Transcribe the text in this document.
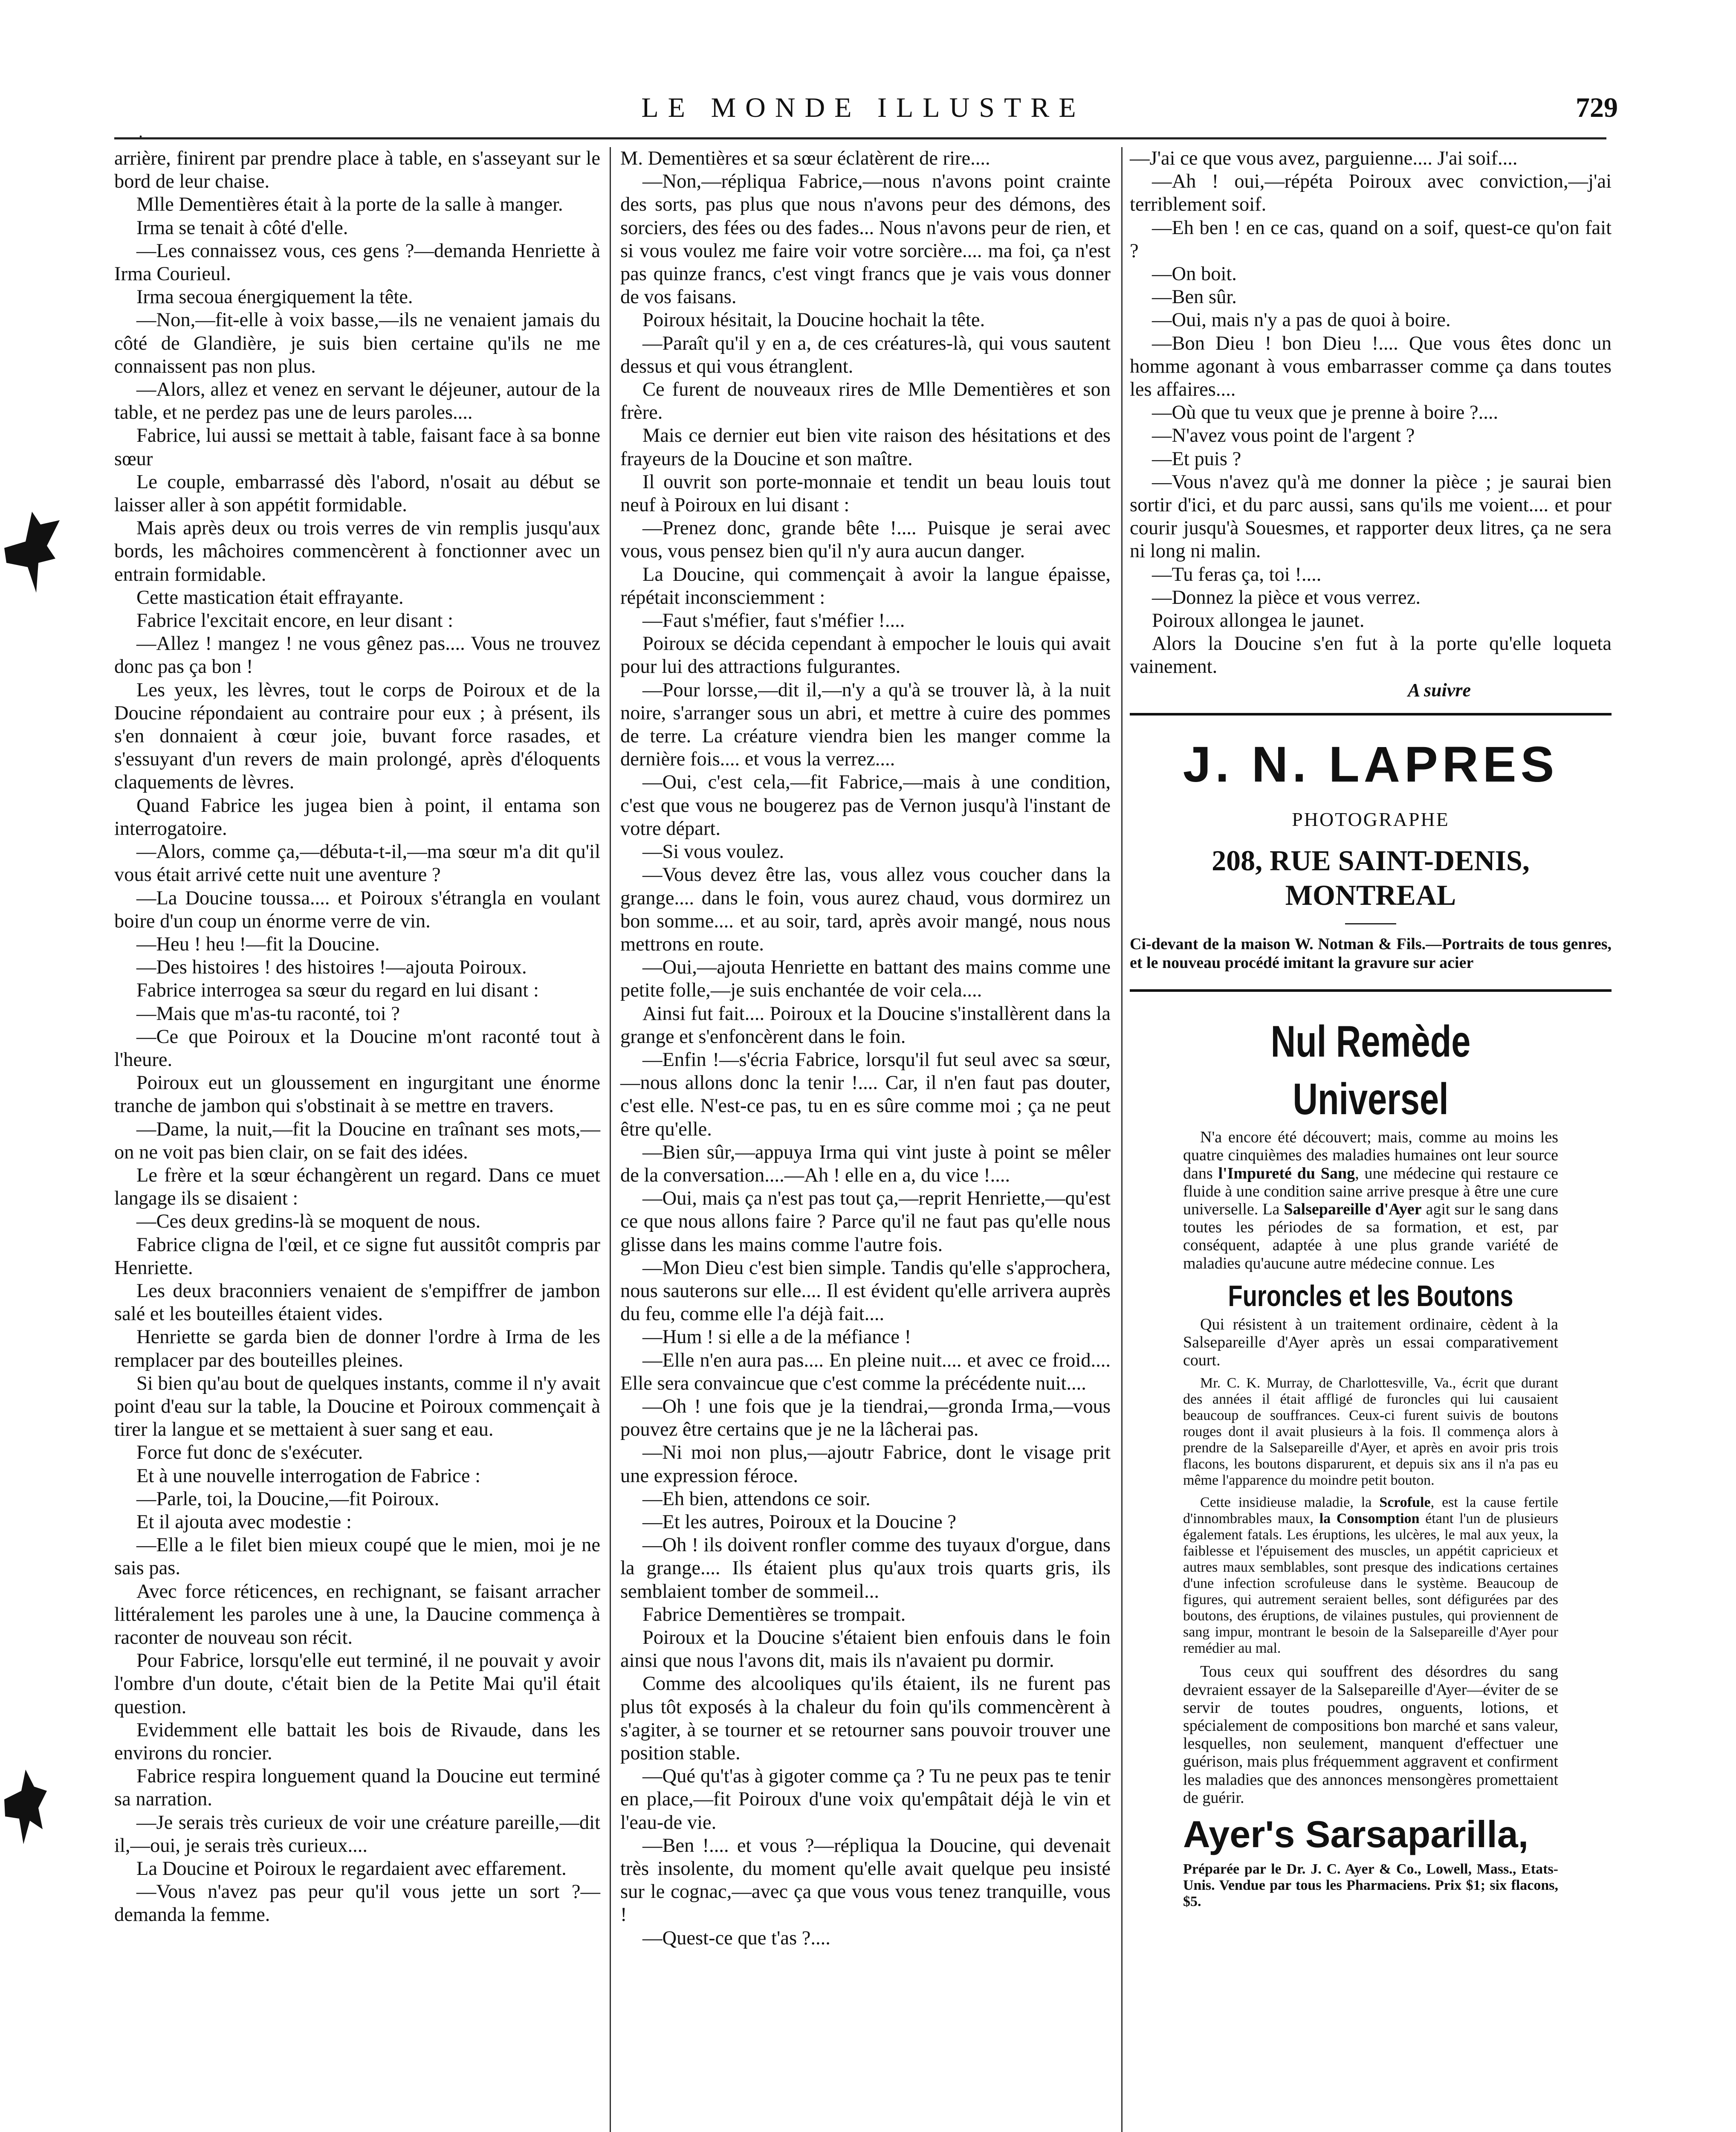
.
LE MONDE ILLUSTRE	729

arrière, finirent par prendre place à table, en s'asseyant sur le bord de leur chaise.

Mlle Dementières était à la porte de la salle à manger.

Irma se tenait à côté d'elle.

—Les connaissez vous, ces gens ?—demanda Henriette à Irma Courieul.

Irma secoua énergiquement la tête.

—Non,—fit-elle à voix basse,—ils ne venaient jamais du côté de Glandière, je suis bien certaine qu'ils ne me connaissent pas non plus.

—Alors, allez et venez en servant le déjeuner, autour de la table, et ne perdez pas une de leurs paroles....

Fabrice, lui aussi se mettait à table, faisant face à sa bonne sœur

Le couple, embarrassé dès l'abord, n'osait au début se laisser aller à son appétit formidable.

Mais après deux ou trois verres de vin remplis jusqu'aux bords, les mâchoires commencèrent à fonctionner avec un entrain formidable.

Cette mastication était effrayante.

Fabrice l'excitait encore, en leur disant :

—Allez ! mangez ! ne vous gênez pas.... Vous ne trouvez donc pas ça bon !

Les yeux, les lèvres, tout le corps de Poiroux et de la Doucine répondaient au contraire pour eux ; à présent, ils s'en donnaient à cœur joie, buvant force rasades, et s'essuyant d'un revers de main prolongé, après d'éloquents claquements de lèvres.

Quand Fabrice les jugea bien à point, il entama son interrogatoire.

—Alors, comme ça,—débuta-t-il,—ma sœur m'a dit qu'il vous était arrivé cette nuit une aventure ?

—La Doucine toussa.... et Poiroux s'étrangla en voulant boire d'un coup un énorme verre de vin.

—Heu ! heu !—fit la Doucine.

—Des histoires ! des histoires !—ajouta Poiroux.

Fabrice interrogea sa sœur du regard en lui disant :

—Mais que m'as-tu raconté, toi ?

—Ce que Poiroux et la Doucine m'ont raconté tout à l'heure.

Poiroux eut un gloussement en ingurgitant une énorme tranche de jambon qui s'obstinait à se mettre en travers.

—Dame, la nuit,—fit la Doucine en traînant ses mots,—on ne voit pas bien clair, on se fait des idées.

Le frère et la sœur échangèrent un regard. Dans ce muet langage ils se disaient :

—Ces deux gredins-là se moquent de nous.

Fabrice cligna de l'œil, et ce signe fut aussitôt compris par Henriette.

Les deux braconniers venaient de s'empiffrer de jambon salé et les bouteilles étaient vides.

Henriette se garda bien de donner l'ordre à Irma de les remplacer par des bouteilles pleines.

Si bien qu'au bout de quelques instants, comme il n'y avait point d'eau sur la table, la Doucine et Poiroux commençait à tirer la langue et se mettaient à suer sang et eau.

Force fut donc de s'exécuter.

Et à une nouvelle interrogation de Fabrice :

—Parle, toi, la Doucine,—fit Poiroux.

Et il ajouta avec modestie :

—Elle a le filet bien mieux coupé que le mien, moi je ne sais pas.

Avec force réticences, en rechignant, se faisant arracher littéralement les paroles une à une, la Daucine commença à raconter de nouveau son récit.

Pour Fabrice, lorsqu'elle eut terminé, il ne pouvait y avoir l'ombre d'un doute, c'était bien de la Petite Mai qu'il était question.

Evidemment elle battait les bois de Rivaude, dans les environs du roncier.

Fabrice respira longuement quand la Doucine eut terminé sa narration.

—Je serais très curieux de voir une créature pareille,—dit il,—oui, je serais très curieux....

La Doucine et Poiroux le regardaient avec effarement.

—Vous n'avez pas peur qu'il vous jette un sort ?—demanda la femme.

M. Dementières et sa sœur éclatèrent de rire....

—Non,—répliqua Fabrice,—nous n'avons point crainte des sorts, pas plus que nous n'avons peur des démons, des sorciers, des fées ou des fades... Nous n'avons peur de rien, et si vous voulez me faire voir votre sorcière.... ma foi, ça n'est pas quinze francs, c'est vingt francs que je vais vous donner de vos faisans.

Poiroux hésitait, la Doucine hochait la tête.

—Paraît qu'il y en a, de ces créatures-là, qui vous sautent dessus et qui vous étranglent.

Ce furent de nouveaux rires de Mlle Dementières et son frère.

Mais ce dernier eut bien vite raison des hésitations et des frayeurs de la Doucine et son maître.

Il ouvrit son porte-monnaie et tendit un beau louis tout neuf à Poiroux en lui disant :

—Prenez donc, grande bête !.... Puisque je serai avec vous, vous pensez bien qu'il n'y aura aucun danger.

La Doucine, qui commençait à avoir la langue épaisse, répétait inconsciemment :

—Faut s'méfier, faut s'méfier !....

Poiroux se décida cependant à empocher le louis qui avait pour lui des attractions fulgurantes.

—Pour lorsse,—dit il,—n'y a qu'à se trouver là, à la nuit noire, s'arranger sous un abri, et mettre à cuire des pommes de terre. La créature viendra bien les manger comme la dernière fois.... et vous la verrez....

—Oui, c'est cela,—fit Fabrice,—mais à une condition, c'est que vous ne bougerez pas de Vernon jusqu'à l'instant de votre départ.

—Si vous voulez.

—Vous devez être las, vous allez vous coucher dans la grange.... dans le foin, vous aurez chaud, vous dormirez un bon somme.... et au soir, tard, après avoir mangé, nous nous mettrons en route.

—Oui,—ajouta Henriette en battant des mains comme une petite folle,—je suis enchantée de voir cela....

Ainsi fut fait.... Poiroux et la Doucine s'installèrent dans la grange et s'enfoncèrent dans le foin.

—Enfin !—s'écria Fabrice, lorsqu'il fut seul avec sa sœur,—nous allons donc la tenir !.... Car, il n'en faut pas douter, c'est elle. N'est-ce pas, tu en es sûre comme moi ; ça ne peut être qu'elle.

—Bien sûr,—appuya Irma qui vint juste à point se mêler de la conversation....—Ah ! elle en a, du vice !....

—Oui, mais ça n'est pas tout ça,—reprit Henriette,—qu'est ce que nous allons faire ? Parce qu'il ne faut pas qu'elle nous glisse dans les mains comme l'autre fois.

—Mon Dieu c'est bien simple. Tandis qu'elle s'approchera, nous sauterons sur elle.... Il est évident qu'elle arrivera auprès du feu, comme elle l'a déjà fait....

—Hum ! si elle a de la méfiance !

—Elle n'en aura pas.... En pleine nuit.... et avec ce froid.... Elle sera convaincue que c'est comme la précédente nuit....

—Oh ! une fois que je la tiendrai,—gronda Irma,—vous pouvez être certains que je ne la lâcherai pas.

—Ni moi non plus,—ajoutr Fabrice, dont le visage prit une expression féroce.

—Eh bien, attendons ce soir.

—Et les autres, Poiroux et la Doucine ?

—Oh ! ils doivent ronfler comme des tuyaux d'orgue, dans la grange.... Ils étaient plus qu'aux trois quarts gris, ils semblaient tomber de sommeil...

Fabrice Dementières se trompait.

Poiroux et la Doucine s'étaient bien enfouis dans le foin ainsi que nous l'avons dit, mais ils n'avaient pu dormir.

Comme des alcooliques qu'ils étaient, ils ne furent pas plus tôt exposés à la chaleur du foin qu'ils commencèrent à s'agiter, à se tourner et se retourner sans pouvoir trouver une position stable.

—Qué qu't'as à gigoter comme ça ? Tu ne peux pas te tenir en place,—fit Poiroux d'une voix qu'empâtait déjà le vin et l'eau-de vie.

—Ben !.... et vous ?—répliqua la Doucine, qui devenait très insolente, du moment qu'elle avait quelque peu insisté sur le cognac,—avec ça que vous vous tenez tranquille, vous !

—Quest-ce que t'as ?....

—J'ai ce que vous avez, parguienne.... J'ai soif....

—Ah ! oui,—répéta Poiroux avec conviction,—j'ai terriblement soif.

—Eh ben ! en ce cas, quand on a soif, quest-ce qu'on fait ?

—On boit.

—Ben sûr.

—Oui, mais n'y a pas de quoi à boire.

—Bon Dieu ! bon Dieu !.... Que vous êtes donc un homme agonant à vous embarrasser comme ça dans toutes les affaires....

—Où que tu veux que je prenne à boire ?....

—N'avez vous point de l'argent ?

—Et puis ?

—Vous n'avez qu'à me donner la pièce ; je saurai bien sortir d'ici, et du parc aussi, sans qu'ils me voient.... et pour courir jusqu'à Souesmes, et rapporter deux litres, ça ne sera ni long ni malin.

—Tu feras ça, toi !....

—Donnez la pièce et vous verrez.

Poiroux allongea le jaunet.

Alors la Doucine s'en fut à la porte qu'elle loqueta vainement.

A suivre

J. N. LAPRES
PHOTOGRAPHE
208, RUE SAINT-DENIS, MONTREAL
Ci-devant de la maison W. Notman & Fils.—Portraits de tous genres, et le nouveau procédé imitant la gravure sur acier

Nul Remède Universel

N'a encore été découvert; mais, comme au moins les quatre cinquièmes des maladies humaines ont leur source dans l'Impureté du Sang, une médecine qui restaure ce fluide à une condition saine arrive presque à être une cure universelle. La Salsepareille d'Ayer agit sur le sang dans toutes les périodes de sa formation, et est, par conséquent, adaptée à une plus grande variété de maladies qu'aucune autre médecine connue. Les

Furoncles et les Boutons

Qui résistent à un traitement ordinaire, cèdent à la Salsepareille d'Ayer après un essai comparativement court.

Mr. C. K. Murray, de Charlottesville, Va., écrit que durant des années il était affligé de furoncles qui lui causaient beaucoup de souffrances. Ceux-ci furent suivis de boutons rouges dont il avait plusieurs à la fois. Il commença alors à prendre de la Salsepareille d'Ayer, et après en avoir pris trois flacons, les boutons disparurent, et depuis six ans il n'a pas eu même l'apparence du moindre petit bouton.

Cette insidieuse maladie, la Scrofule, est la cause fertile d'innombrables maux, la Consomption étant l'un de plusieurs également fatals. Les éruptions, les ulcères, le mal aux yeux, la faiblesse et l'épuisement des muscles, un appétit capricieux et autres maux semblables, sont presque des indications certaines d'une infection scrofuleuse dans le système. Beaucoup de figures, qui autrement seraient belles, sont défigurées par des boutons, des éruptions, de vilaines pustules, qui proviennent de sang impur, montrant le besoin de la Salsepareille d'Ayer pour remédier au mal.

Tous ceux qui souffrent des désordres du sang devraient essayer de la Salsepareille d'Ayer—éviter de se servir de toutes poudres, onguents, lotions, et spécialement de compositions bon marché et sans valeur, lesquelles, non seulement, manquent d'effectuer une guérison, mais plus fréquemment aggravent et confirment les maladies que des annonces mensongères promettaient de guérir.

Ayer's Sarsaparilla,

Préparée par le Dr. J. C. Ayer & Co., Lowell, Mass., Etats-Unis. Vendue par tous les Pharmaciens. Prix $1; six flacons, $5.
